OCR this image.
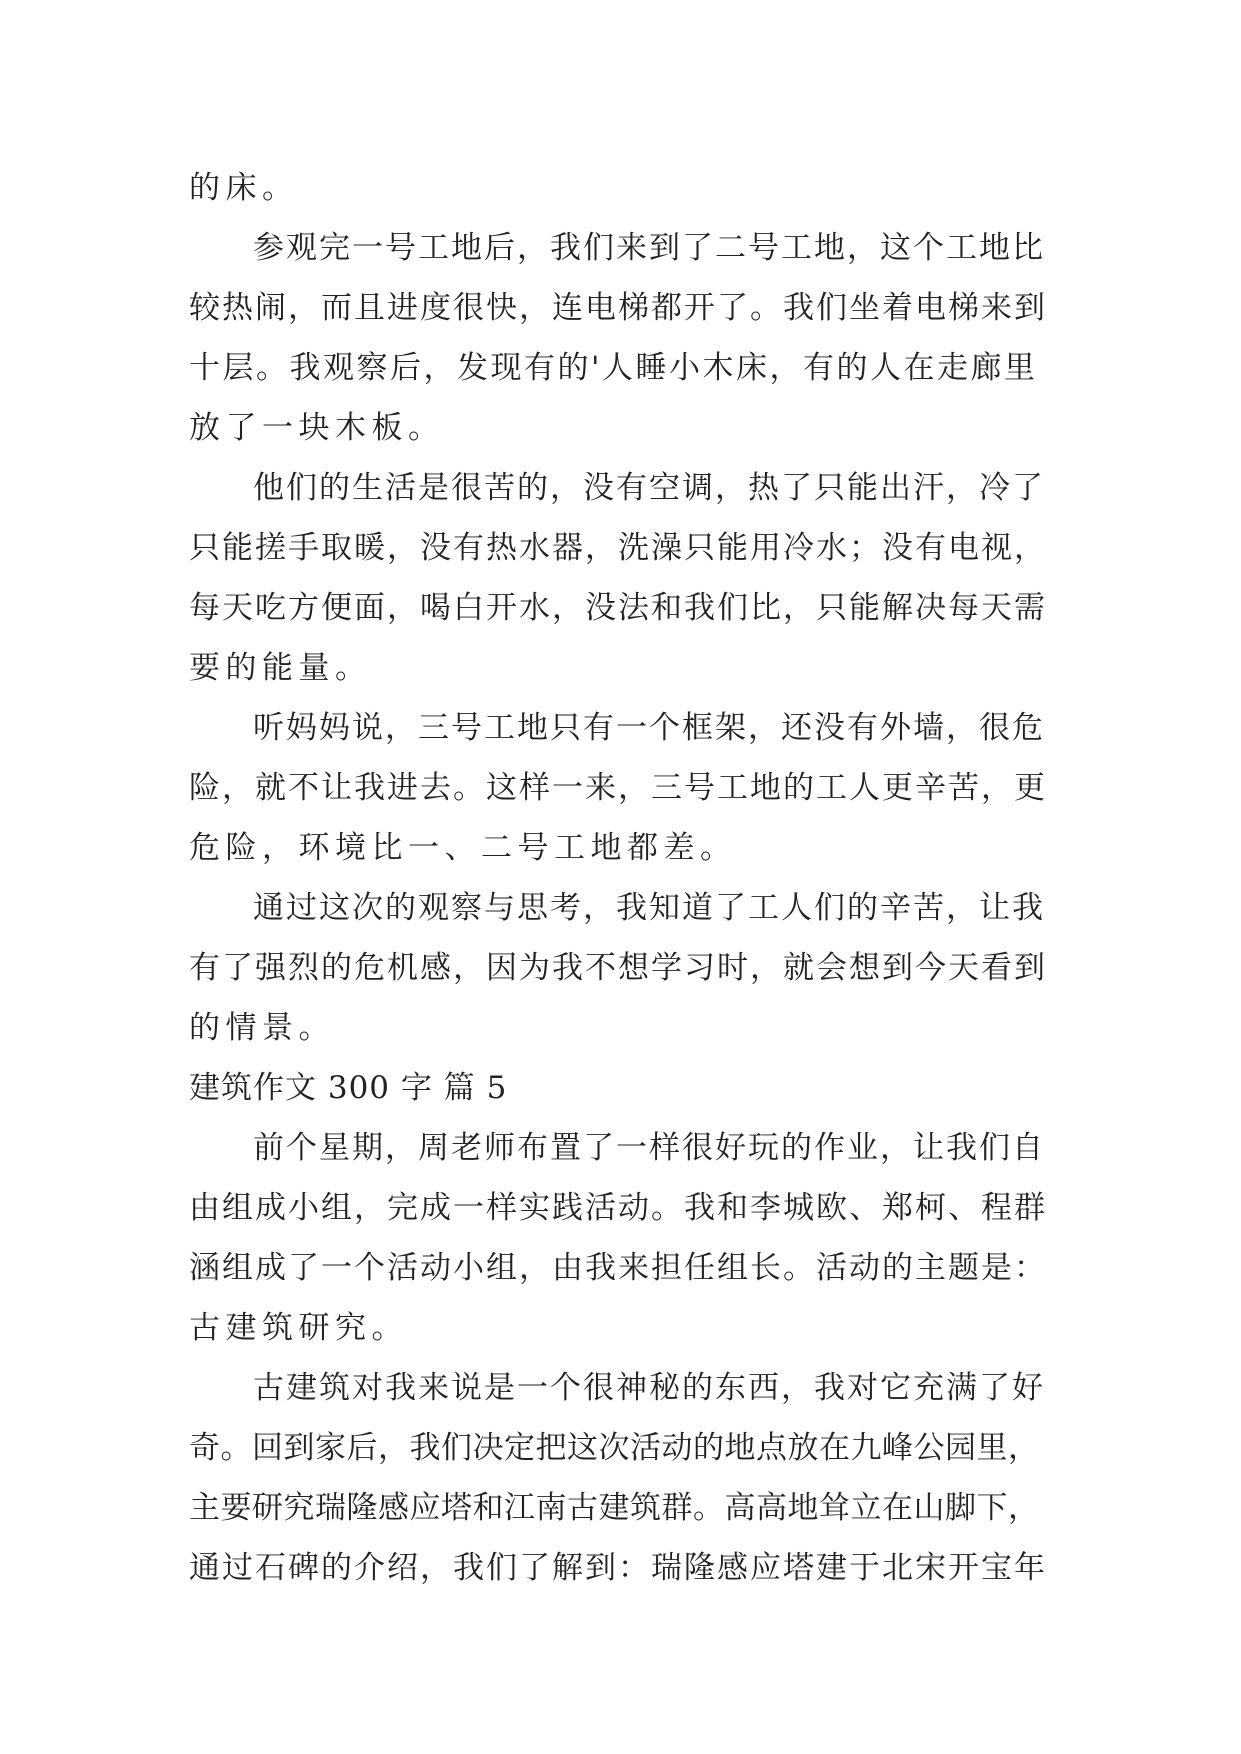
的床。
参观完一号工地后，我们来到了二号工地，这个工地比
较热闹，而且进度很快，连电梯都开了。我们坐着电梯来到
十层。我观察后，发现有的'人睡小木床，有的人在走廊里
放了一块木板。
他们的生活是很苦的，没有空调，热了只能出汗，冷了
只能搓手取暖，没有热水器，洗澡只能用冷水；没有电视，
每天吃方便面，喝白开水，没法和我们比，只能解决每天需
要的能量。
听妈妈说，三号工地只有一个框架，还没有外墙，很危
险，就不让我进去。这样一来，三号工地的工人更辛苦，更
危险，环境比一、二号工地都差。
通过这次的观察与思考，我知道了工人们的辛苦，让我
有了强烈的危机感，因为我不想学习时，就会想到今天看到
的情景。
建筑作文 300 字 篇 5
前个星期，周老师布置了一样很好玩的作业，让我们自
由组成小组，完成一样实践活动。我和李城欧、郑柯、程群
涵组成了一个活动小组，由我来担任组长。活动的主题是：
古建筑研究。
古建筑对我来说是一个很神秘的东西，我对它充满了好
奇。回到家后，我们决定把这次活动的地点放在九峰公园里，
主要研究瑞隆感应塔和江南古建筑群。高高地耸立在山脚下，
通过石碑的介绍，我们了解到：瑞隆感应塔建于北宋开宝年
